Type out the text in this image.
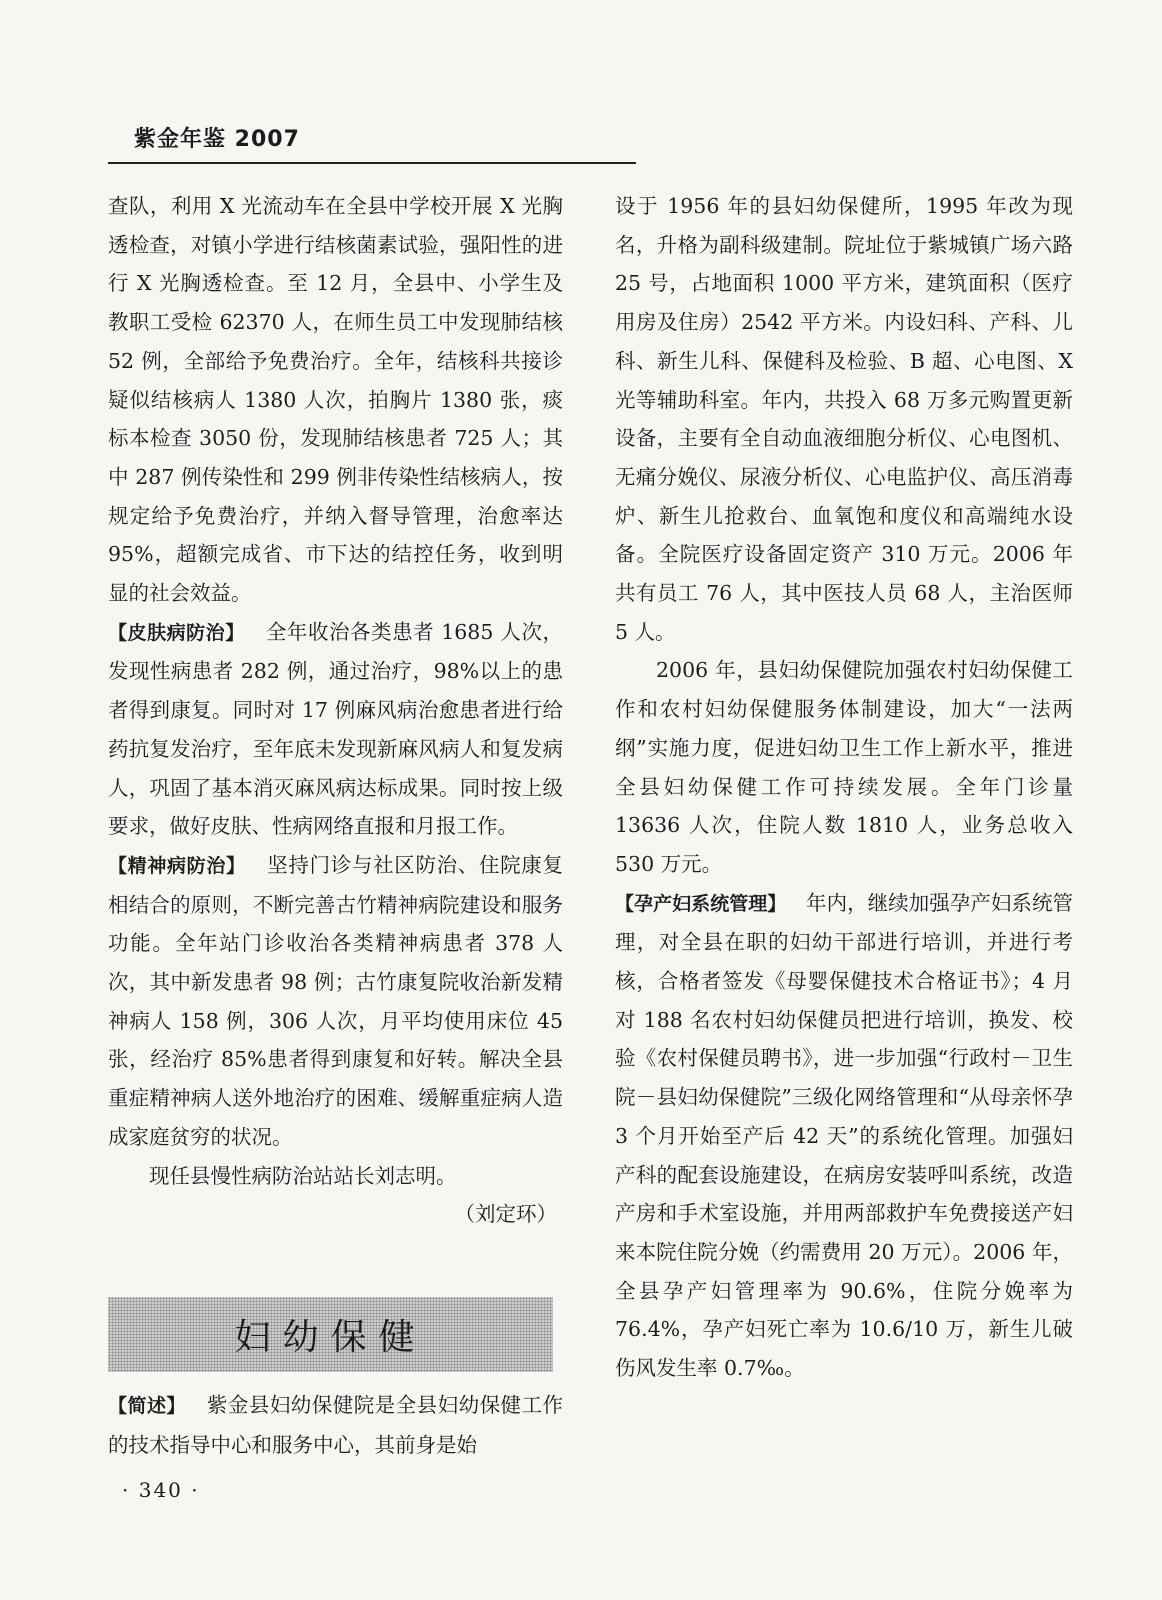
紫金年鉴 2007

查队，利用 X 光流动车在全县中学校开展 X 光胸透检查，对镇小学进行结核菌素试验，强阳性的进行 X 光胸透检查。至 12 月，全县中、小学生及教职工受检 62370 人，在师生员工中发现肺结核 52 例，全部给予免费治疗。全年，结核科共接诊疑似结核病人 1380 人次，拍胸片 1380 张，痰标本检查 3050 份，发现肺结核患者 725 人；其中 287 例传染性和 299 例非传染性结核病人，按规定给予免费治疗，并纳入督导管理，治愈率达 95%，超额完成省、市下达的结控任务，收到明显的社会效益。

【皮肤病防治】 全年收治各类患者 1685 人次，发现性病患者 282 例，通过治疗，98%以上的患者得到康复。同时对 17 例麻风病治愈患者进行给药抗复发治疗，至年底未发现新麻风病人和复发病人，巩固了基本消灭麻风病达标成果。同时按上级要求，做好皮肤、性病网络直报和月报工作。

【精神病防治】 坚持门诊与社区防治、住院康复相结合的原则，不断完善古竹精神病院建设和服务功能。全年站门诊收治各类精神病患者 378 人次，其中新发患者 98 例；古竹康复院收治新发精神病人 158 例，306 人次，月平均使用床位 45 张，经治疗 85%患者得到康复和好转。解决全县重症精神病人送外地治疗的困难、缓解重症病人造成家庭贫穷的状况。

现任县慢性病防治站站长刘志明。

（刘定环）

妇幼保健

【简述】 紫金县妇幼保健院是全县妇幼保健工作的技术指导中心和服务中心，其前身是始

设于 1956 年的县妇幼保健所，1995 年改为现名，升格为副科级建制。院址位于紫城镇广场六路 25 号，占地面积 1000 平方米，建筑面积（医疗用房及住房）2542 平方米。内设妇科、产科、儿科、新生儿科、保健科及检验、B 超、心电图、X 光等辅助科室。年内，共投入 68 万多元购置更新设备，主要有全自动血液细胞分析仪、心电图机、无痛分娩仪、尿液分析仪、心电监护仪、高压消毒炉、新生儿抢救台、血氧饱和度仪和高端纯水设备。全院医疗设备固定资产 310 万元。2006 年共有员工 76 人，其中医技人员 68 人，主治医师 5 人。

2006 年，县妇幼保健院加强农村妇幼保健工作和农村妇幼保健服务体制建设，加大“一法两纲”实施力度，促进妇幼卫生工作上新水平，推进全县妇幼保健工作可持续发展。全年门诊量 13636 人次，住院人数 1810 人，业务总收入 530 万元。

【孕产妇系统管理】 年内，继续加强孕产妇系统管理，对全县在职的妇幼干部进行培训，并进行考核，合格者签发《母婴保健技术合格证书》；4 月对 188 名农村妇幼保健员把进行培训，换发、校验《农村保健员聘书》，进一步加强“行政村－卫生院－县妇幼保健院”三级化网络管理和“从母亲怀孕 3 个月开始至产后 42 天”的系统化管理。加强妇产科的配套设施建设，在病房安装呼叫系统，改造产房和手术室设施，并用两部救护车免费接送产妇来本院住院分娩（约需费用 20 万元）。2006 年，全县孕产妇管理率为 90.6%，住院分娩率为 76.4%，孕产妇死亡率为 10.6/10 万，新生儿破伤风发生率 0.7‰。

· 340 ·
